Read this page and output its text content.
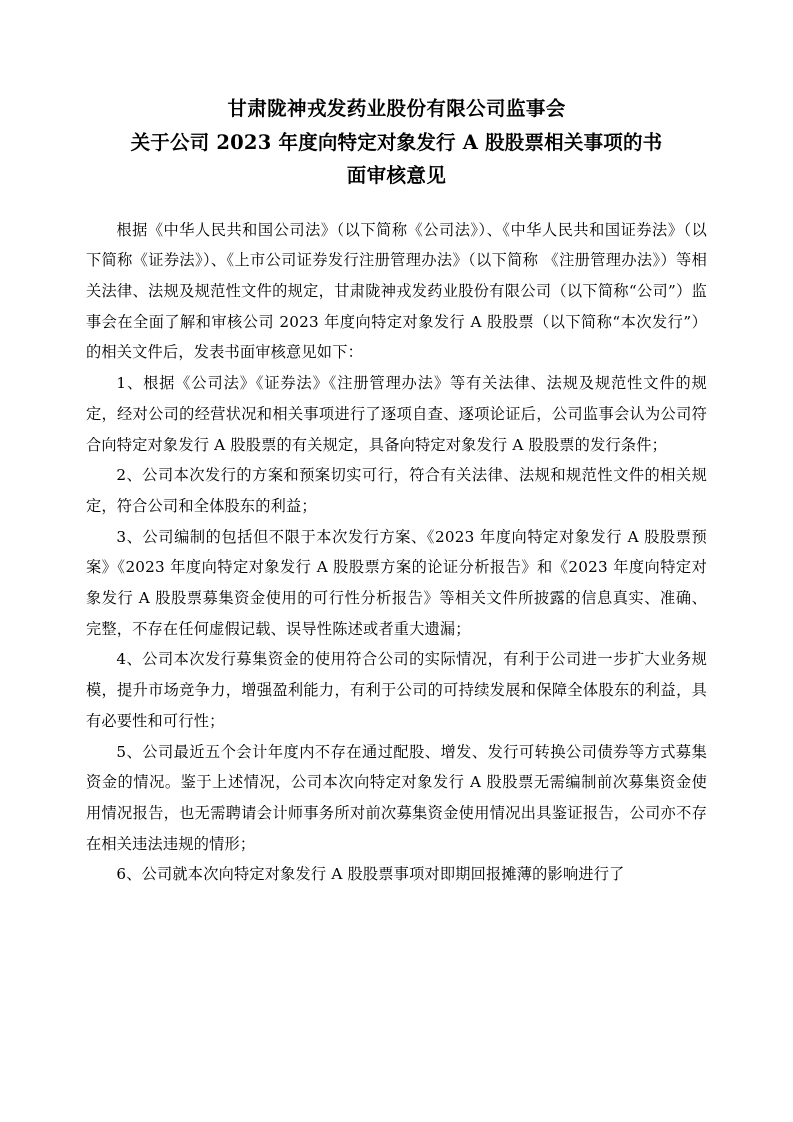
甘肃陇神戎发药业股份有限公司监事会
关于公司 2023 年度向特定对象发行 A 股股票相关事项的书
面审核意见

根据《中华人民共和国公司法》（以下简称《公司法》）、《中华人民共和国证券法》（以下简称《证券法》）、《上市公司证券发行注册管理办法》（以下简称 《注册管理办法》）等相关法律、法规及规范性文件的规定，甘肃陇神戎发药业股份有限公司（以下简称“公司”）监事会在全面了解和审核公司 2023 年度向特定对象发行 A 股股票（以下简称“本次发行”）的相关文件后，发表书面审核意见如下：

1、根据《公司法》《证券法》《注册管理办法》等有关法律、法规及规范性文件的规定，经对公司的经营状况和相关事项进行了逐项自查、逐项论证后，公司监事会认为公司符合向特定对象发行 A 股股票的有关规定，具备向特定对象发行 A 股股票的发行条件；

2、公司本次发行的方案和预案切实可行，符合有关法律、法规和规范性文件的相关规定，符合公司和全体股东的利益；

3、公司编制的包括但不限于本次发行方案、《2023 年度向特定对象发行 A 股股票预案》《2023 年度向特定对象发行 A 股股票方案的论证分析报告》和《2023 年度向特定对象发行 A 股股票募集资金使用的可行性分析报告》等相关文件所披露的信息真实、准确、完整，不存在任何虚假记载、误导性陈述或者重大遗漏；

4、公司本次发行募集资金的使用符合公司的实际情况，有利于公司进一步扩大业务规模，提升市场竞争力，增强盈利能力，有利于公司的可持续发展和保障全体股东的利益，具有必要性和可行性；

5、公司最近五个会计年度内不存在通过配股、增发、发行可转换公司债券等方式募集资金的情况。鉴于上述情况，公司本次向特定对象发行 A 股股票无需编制前次募集资金使用情况报告，也无需聘请会计师事务所对前次募集资金使用情况出具鉴证报告，公司亦不存在相关违法违规的情形；

6、公司就本次向特定对象发行 A 股股票事项对即期回报摊薄的影响进行了
